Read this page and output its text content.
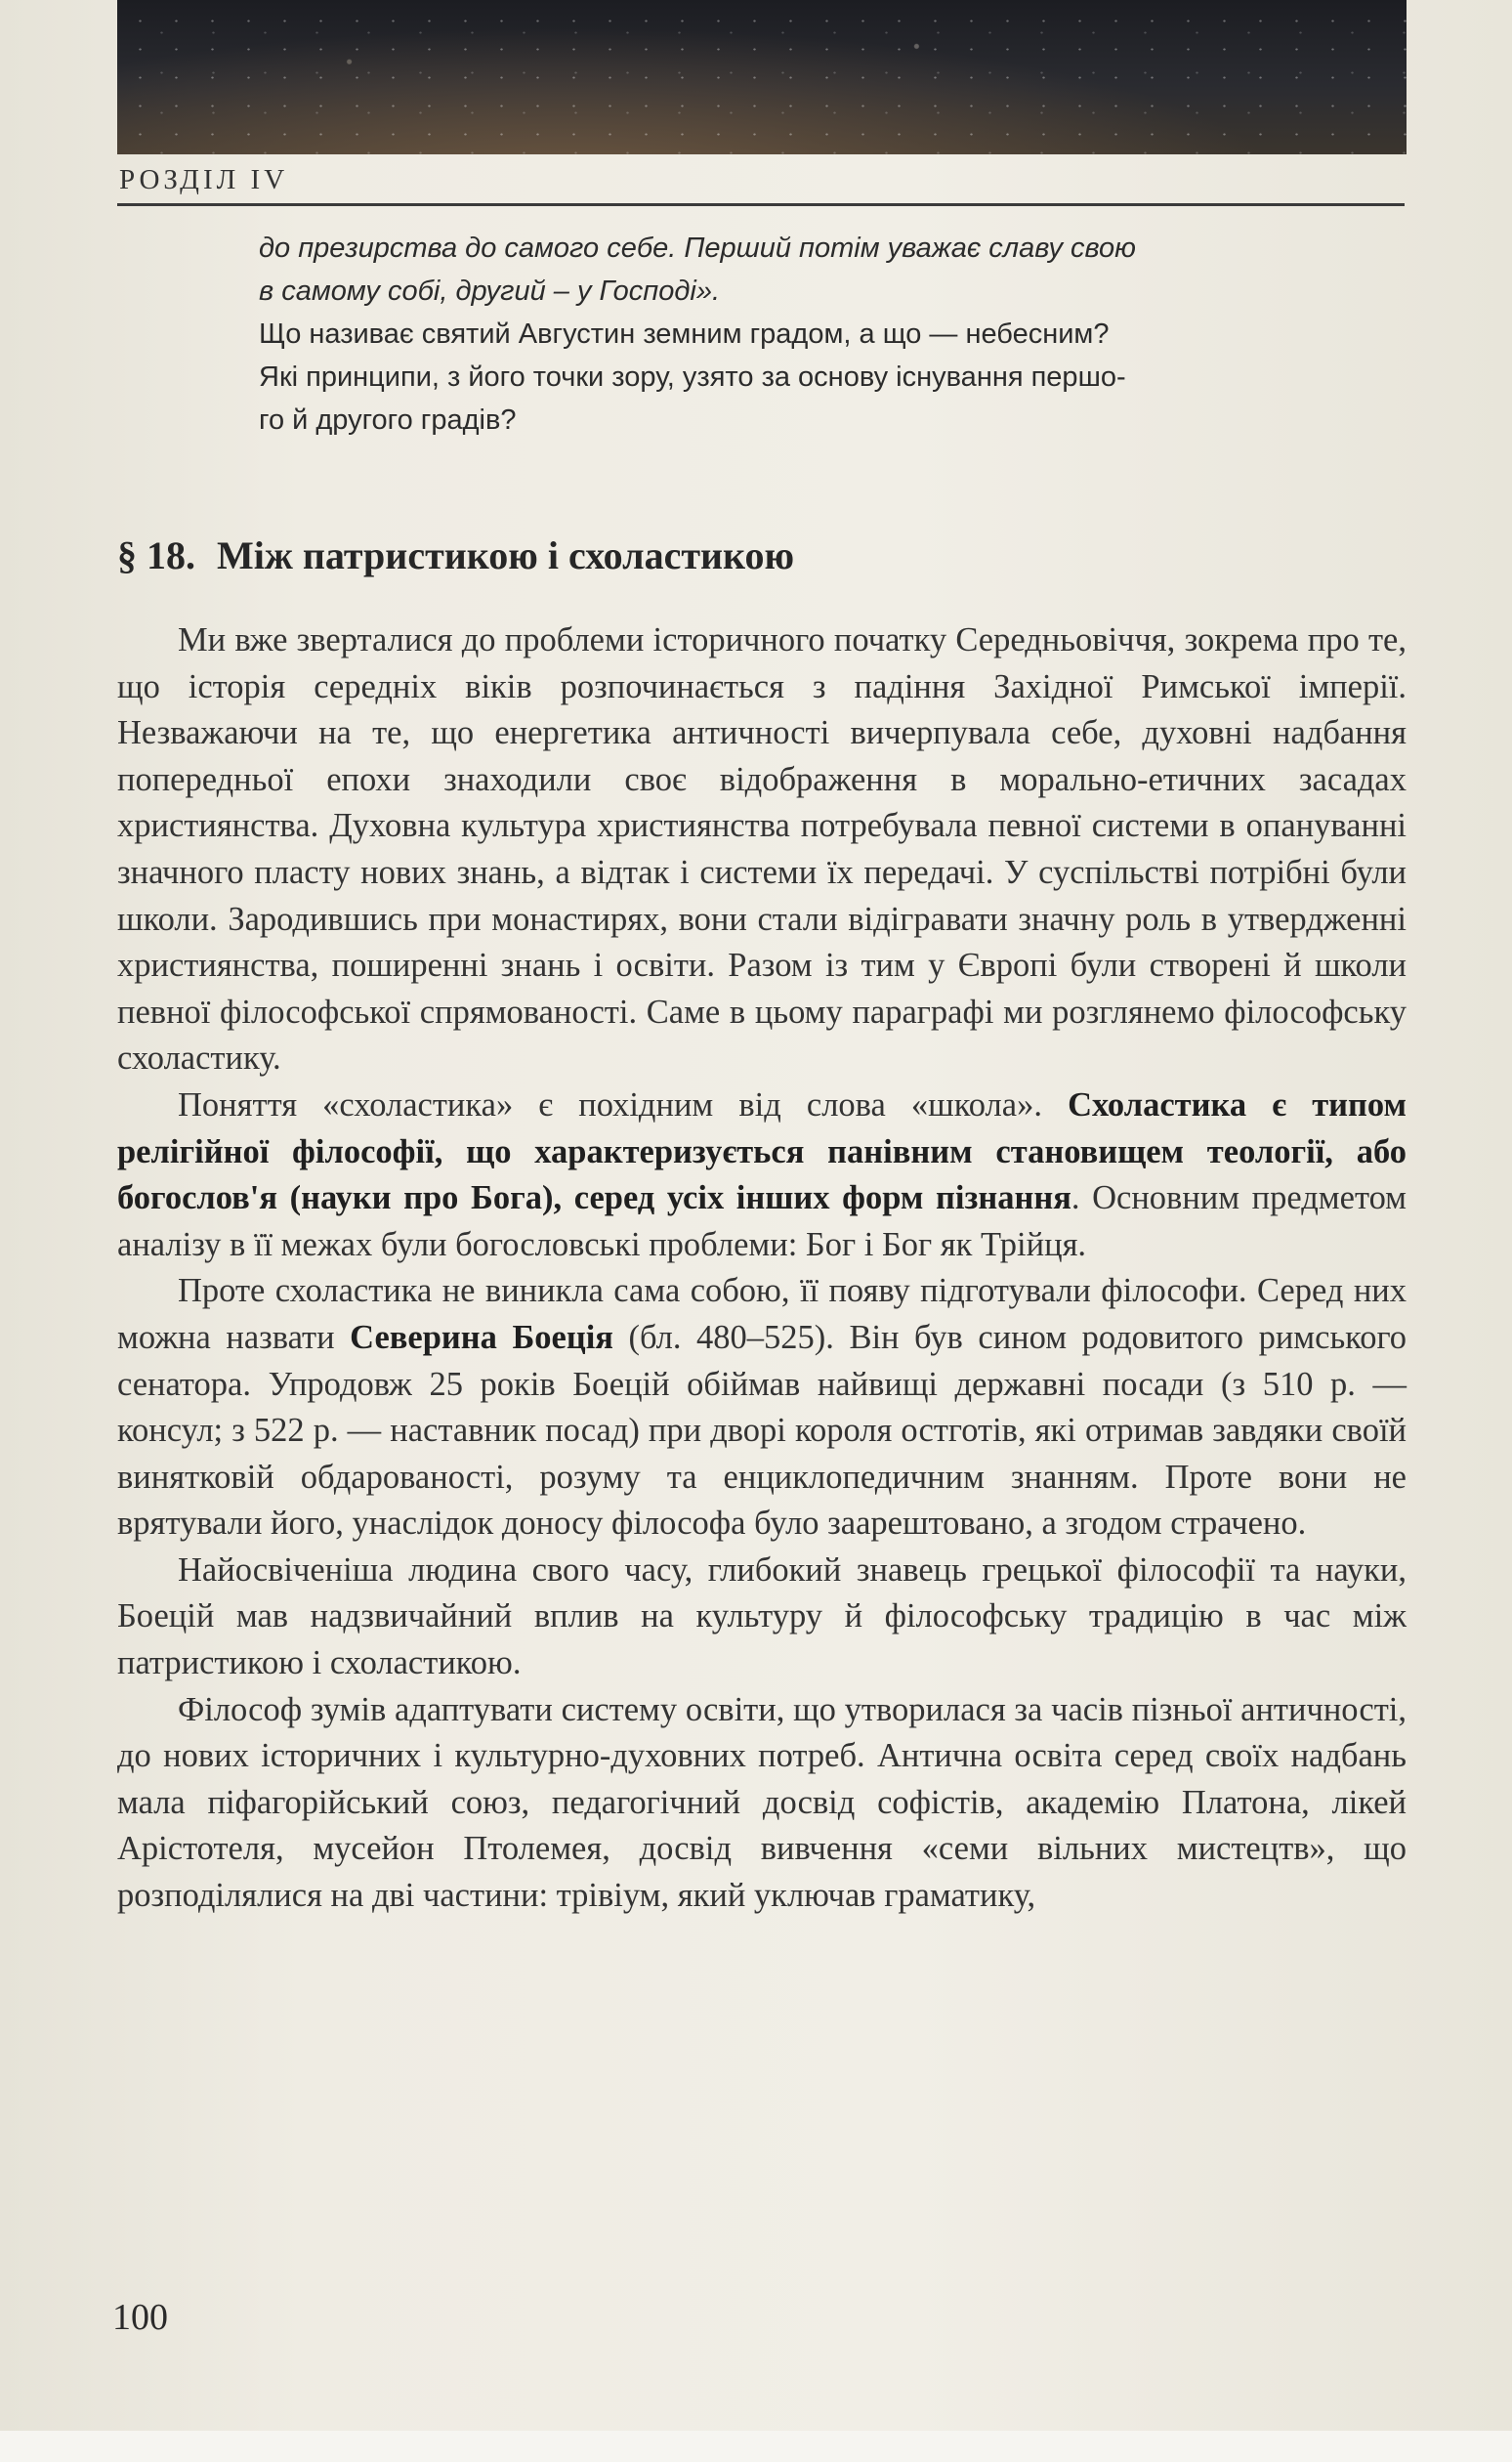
РОЗДІЛ IV

до презирства до самого себе. Перший потім уважає славу свою

в самому собі, другий – у Господі».

Що називає святий Августин земним градом, а що — небесним?

Які принципи, з його точки зору, узято за основу існування першо-

го й другого градів?

§ 18. Між патристикою і схоластикою

Ми вже зверталися до проблеми історичного початку Середньовіччя, зокрема про те, що історія середніх віків розпочинається з падіння Західної Римської імперії. Незважаючи на те, що енергетика античності вичерпувала себе, духовні надбання попередньої епохи знаходили своє відображення в морально-етичних засадах християнства. Духовна культура християнства потребувала певної системи в опануванні значного пласту нових знань, а відтак і системи їх передачі. У суспільстві потрібні були школи. Зародившись при монастирях, вони стали відігравати значну роль в утвердженні християнства, поширенні знань і освіти. Разом із тим у Європі були створені й школи певної філософської спрямованості. Саме в цьому параграфі ми розглянемо філософську схоластику.

Поняття «схоластика» є похідним від слова «школа». Схоластика є типом релігійної філософії, що характеризується панівним становищем теології, або богослов'я (науки про Бога), серед усіх інших форм пізнання. Основним предметом аналізу в її межах були богословські проблеми: Бог і Бог як Трійця.

Проте схоластика не виникла сама собою, її появу підготували філософи. Серед них можна назвати Северина Боеція (бл. 480–525). Він був сином родовитого римського сенатора. Упродовж 25 років Боецій обіймав найвищі державні посади (з 510 р. — консул; з 522 р. — наставник посад) при дворі короля остготів, які отримав завдяки своїй винятковій обдарованості, розуму та енциклопедичним знанням. Проте вони не врятували його, унаслідок доносу філософа було заарештовано, а згодом страчено.

Найосвіченіша людина свого часу, глибокий знавець грецької філософії та науки, Боецій мав надзвичайний вплив на культуру й філософську традицію в час між патристикою і схоластикою.

Філософ зумів адаптувати систему освіти, що утворилася за часів пізньої античності, до нових історичних і культурно-духовних потреб. Антична освіта серед своїх надбань мала піфагорійський союз, педагогічний досвід софістів, академію Платона, лікей Арістотеля, мусейон Птолемея, досвід вивчення «семи вільних мистецтв», що розподілялися на дві частини: трівіум, який уключав граматику,

100
